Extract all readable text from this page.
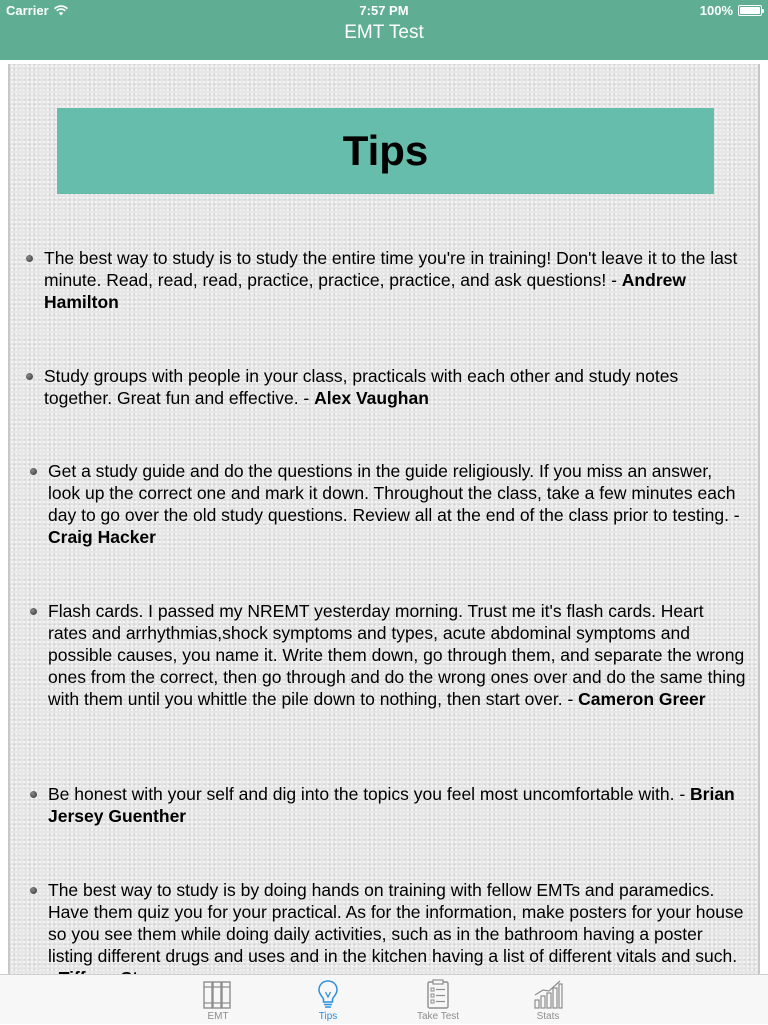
Carrier	7:57 PM	100%
EMT Test
Tips
The best way to study is to study the entire time you're in training! Don't leave it to the last minute. Read, read, read, practice, practice, practice, and ask questions! - Andrew Hamilton
Study groups with people in your class, practicals with each other and study notes together. Great fun and effective. - Alex Vaughan
Get a study guide and do the questions in the guide religiously. If you miss an answer, look up the correct one and mark it down. Throughout the class, take a few minutes each day to go over the old study questions. Review all at the end of the class prior to testing. - Craig Hacker
Flash cards. I passed my NREMT yesterday morning. Trust me it's flash cards. Heart rates and arrhythmias,shock symptoms and types, acute abdominal symptoms and possible causes, you name it. Write them down, go through them, and separate the wrong ones from the correct, then go through and do the wrong ones over and do the same thing with them until you whittle the pile down to nothing, then start over. - Cameron Greer
Be honest with your self and dig into the topics you feel most uncomfortable with. - Brian Jersey Guenther
The best way to study is by doing hands on training with fellow EMTs and paramedics. Have them quiz you for your practical. As for the information, make posters for your house so you see them while doing daily activities, such as in the bathroom having a poster listing different drugs and uses and in the kitchen having a list of different vitals and such.
EMT	Tips	Take Test	Stats
